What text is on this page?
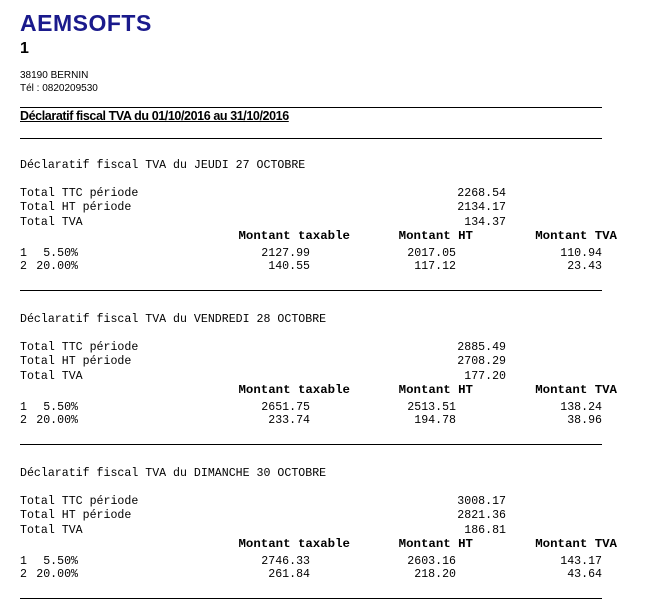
AEMSOFTS
1
38190 BERNIN
Tél : 0820209530
Déclaratif fiscal TVA du 01/10/2016 au 31/10/2016
Déclaratif fiscal TVA du JEUDI 27 OCTOBRE
Total TTC période	2268.54
Total HT période	2134.17
Total TVA	134.37
Montant taxable	Montant HT	Montant TVA
1 5.50%	2127.99	2017.05	110.94
2 20.00%	140.55	117.12	23.43
Déclaratif fiscal TVA du VENDREDI 28 OCTOBRE
Total TTC période	2885.49
Total HT période	2708.29
Total TVA	177.20
Montant taxable	Montant HT	Montant TVA
1 5.50%	2651.75	2513.51	138.24
2 20.00%	233.74	194.78	38.96
Déclaratif fiscal TVA du DIMANCHE 30 OCTOBRE
Total TTC période	3008.17
Total HT période	2821.36
Total TVA	186.81
Montant taxable	Montant HT	Montant TVA
1 5.50%	2746.33	2603.16	143.17
2 20.00%	261.84	218.20	43.64
